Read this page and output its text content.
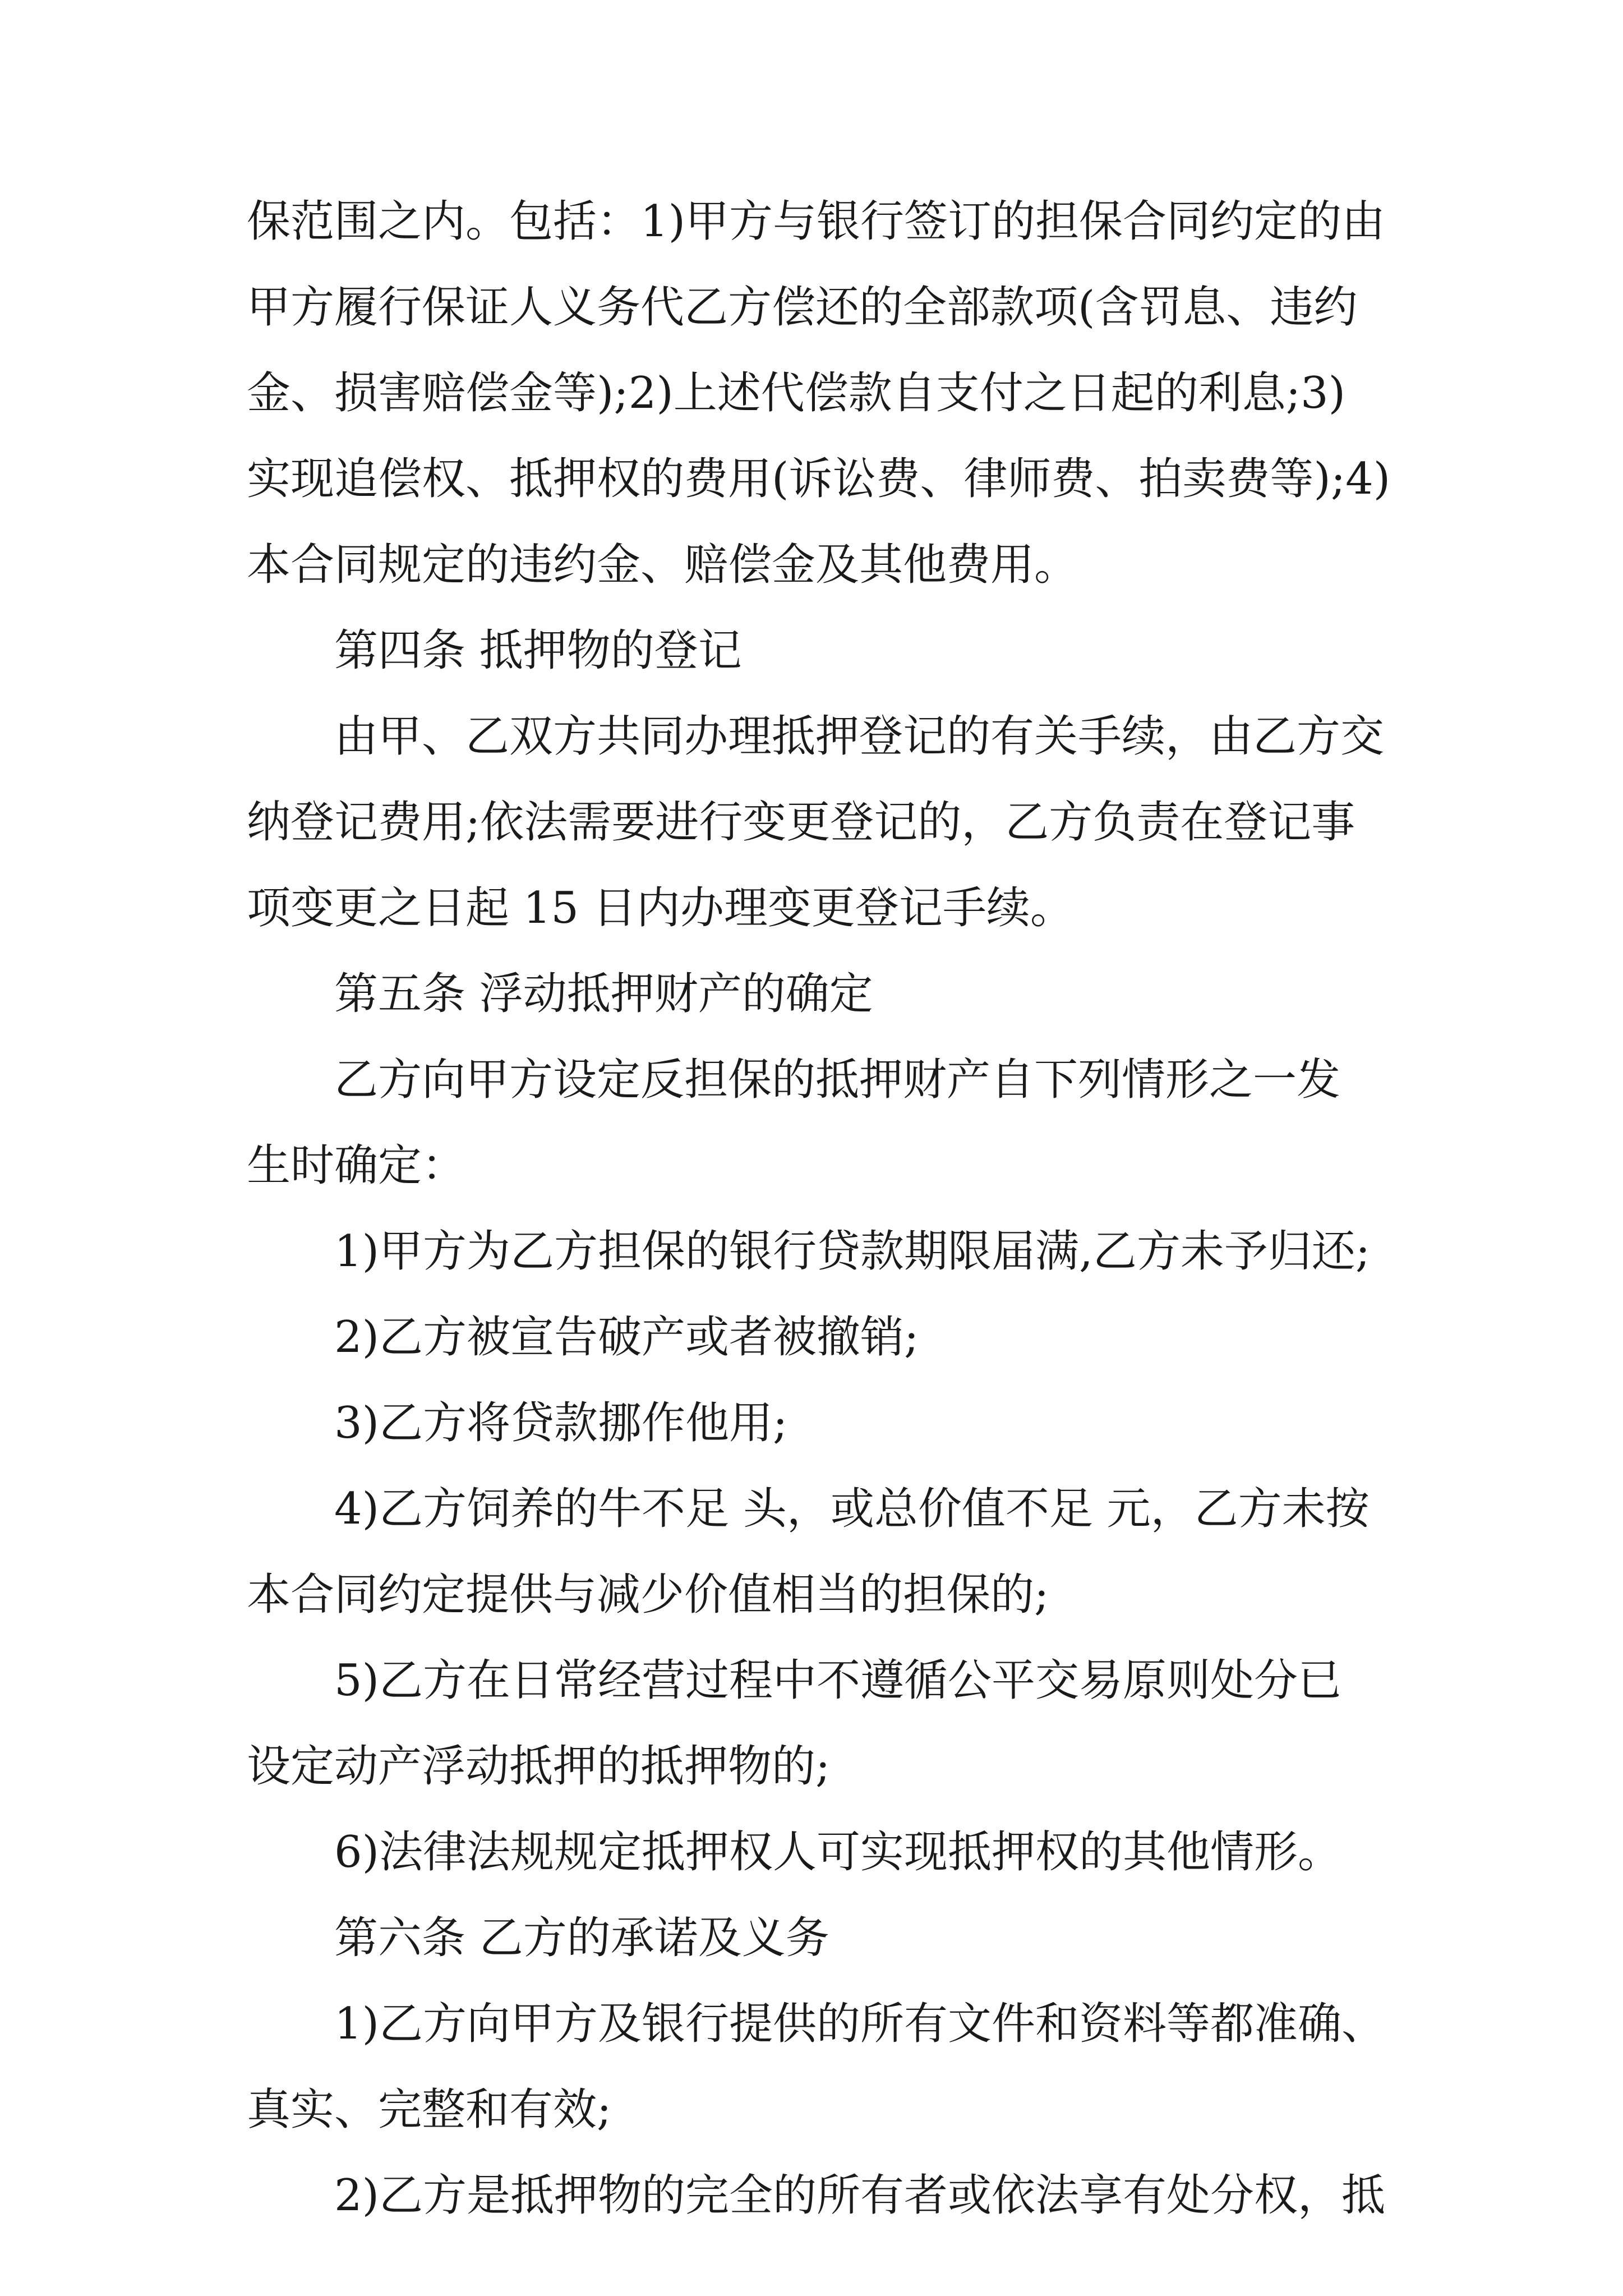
保范围之内。包括：1)甲方与银行签订的担保合同约定的由
甲方履行保证人义务代乙方偿还的全部款项(含罚息、违约
金、损害赔偿金等);2)上述代偿款自支付之日起的利息;3)
实现追偿权、抵押权的费用(诉讼费、律师费、拍卖费等);4)
本合同规定的违约金、赔偿金及其他费用。
第四条 抵押物的登记
由甲、乙双方共同办理抵押登记的有关手续，由乙方交
纳登记费用;依法需要进行变更登记的，乙方负责在登记事
项变更之日起 15 日内办理变更登记手续。
第五条 浮动抵押财产的确定
乙方向甲方设定反担保的抵押财产自下列情形之一发
生时确定：
1)甲方为乙方担保的银行贷款期限届满,乙方未予归还;
2)乙方被宣告破产或者被撤销;
3)乙方将贷款挪作他用;
4)乙方饲养的牛不足 头，或总价值不足 元，乙方未按
本合同约定提供与减少价值相当的担保的;
5)乙方在日常经营过程中不遵循公平交易原则处分已
设定动产浮动抵押的抵押物的;
6)法律法规规定抵押权人可实现抵押权的其他情形。
第六条 乙方的承诺及义务
1)乙方向甲方及银行提供的所有文件和资料等都准确、
真实、完整和有效;
2)乙方是抵押物的完全的所有者或依法享有处分权，抵
